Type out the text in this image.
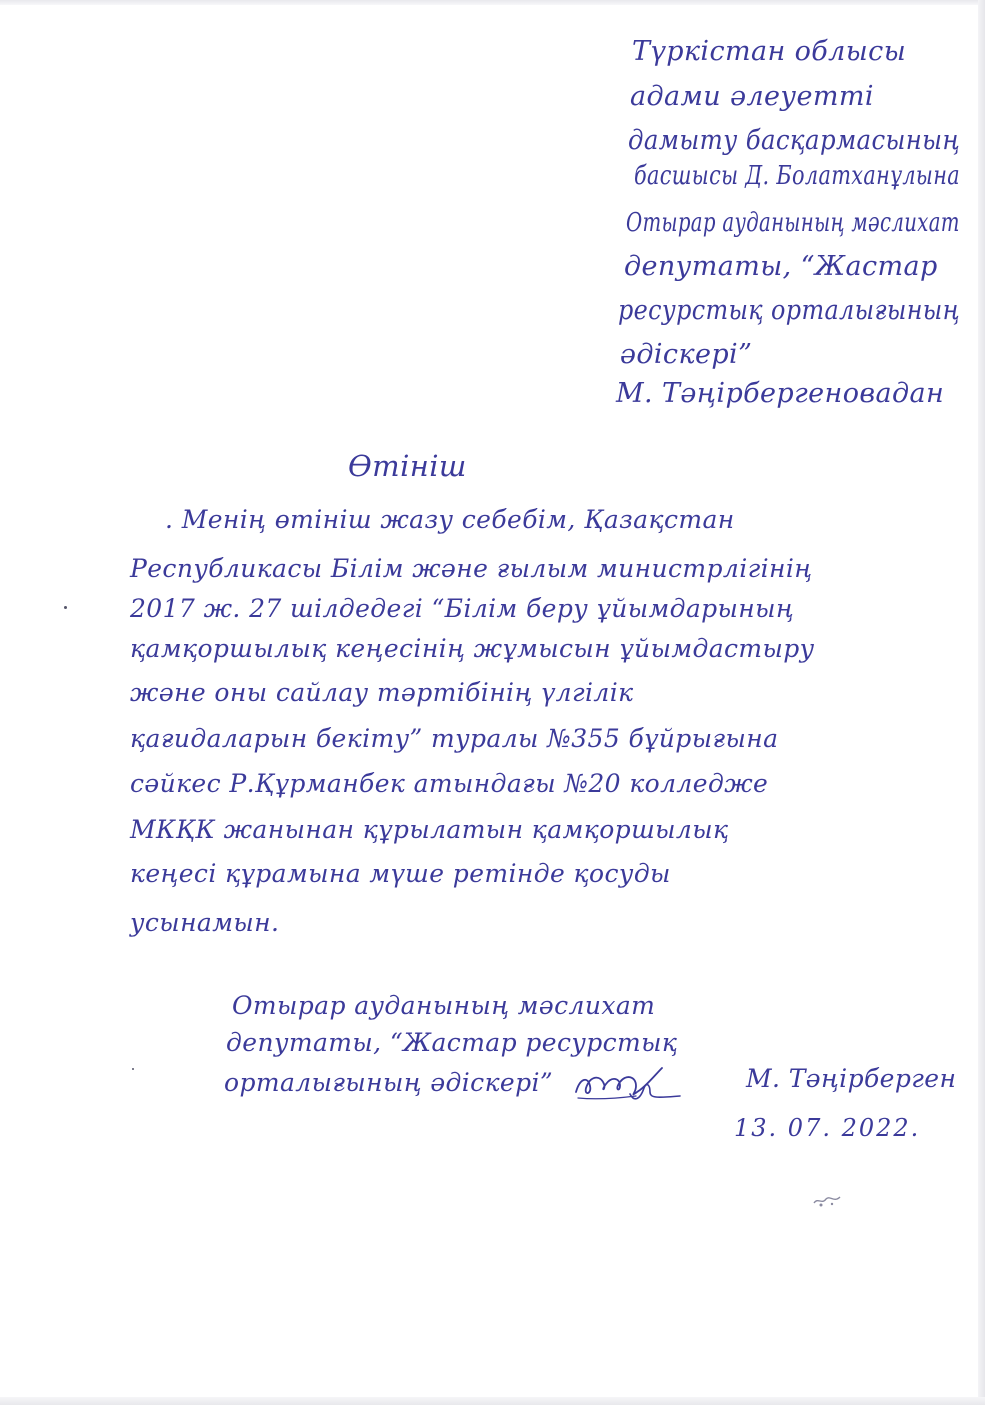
Түркістан облысы

адами әлеуетті

дамыту басқармасының

басшысы Д. Болатханұлына

Отырар ауданының мәслихат

депутаты, “Жастар

ресурстық орталығының

әдіскері”

М. Тәңірбергеновадан

Өтініш

. Менің өтініш жазу себебім, Қазақстан

Республикасы Білім және ғылым министрлігінің

2017 ж. 27 шілдедегі “Білім беру ұйымдарының

қамқоршылық кеңесінің жұмысын ұйымдастыру

және оны сайлау тәртібінің үлгілік

қағидаларын бекіту” туралы №355 бұйрығына

сәйкес Р.Құрманбек атындағы №20 колледже

МКҚК жанынан құрылатын қамқоршылық

кеңесі құрамына мүше ретінде қосуды

усынамын.

Отырар ауданының мәслихат

депутаты, “Жастар ресурстық

орталығының әдіскері”	М. Тәңірберген

13. 07. 2022.
